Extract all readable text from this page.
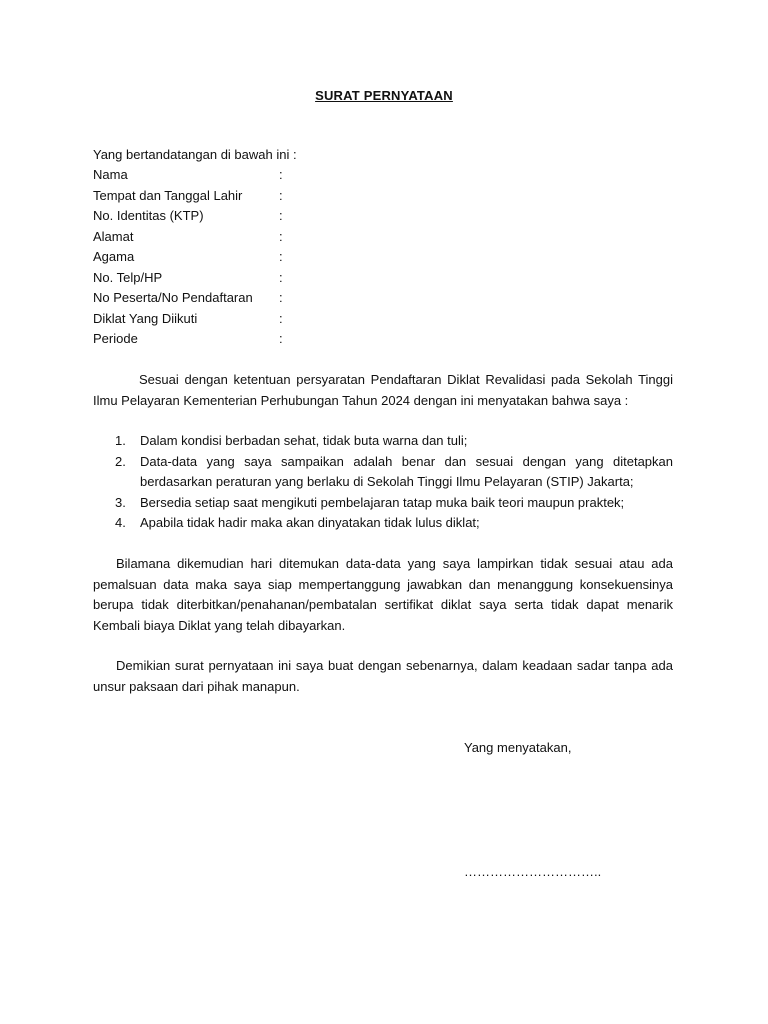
SURAT PERNYATAAN
Yang bertandatangan di bawah ini :
Nama	:
Tempat dan Tanggal Lahir	:
No. Identitas (KTP)	:
Alamat	:
Agama	:
No. Telp/HP	:
No Peserta/No Pendaftaran :
Diklat Yang Diikuti	:
Periode	:
Sesuai dengan ketentuan persyaratan Pendaftaran Diklat Revalidasi pada Sekolah Tinggi Ilmu Pelayaran Kementerian Perhubungan Tahun 2024 dengan ini menyatakan bahwa saya :
1. Dalam kondisi berbadan sehat, tidak buta warna dan tuli;
2. Data-data yang saya sampaikan adalah benar dan sesuai dengan yang ditetapkan berdasarkan peraturan yang berlaku di Sekolah Tinggi Ilmu Pelayaran (STIP) Jakarta;
3. Bersedia setiap saat mengikuti pembelajaran tatap muka baik teori maupun praktek;
4. Apabila tidak hadir maka akan dinyatakan tidak lulus diklat;
Bilamana dikemudian hari ditemukan data-data yang saya lampirkan tidak sesuai atau ada pemalsuan data maka saya siap mempertanggung jawabkan dan menanggung konsekuensinya berupa tidak diterbitkan/penahanan/pembatalan sertifikat diklat saya serta tidak dapat menarik Kembali biaya Diklat yang telah dibayarkan.
Demikian surat pernyataan ini saya buat dengan sebenarnya, dalam keadaan sadar tanpa ada unsur paksaan dari pihak manapun.
Yang menyatakan,
…………………………..
